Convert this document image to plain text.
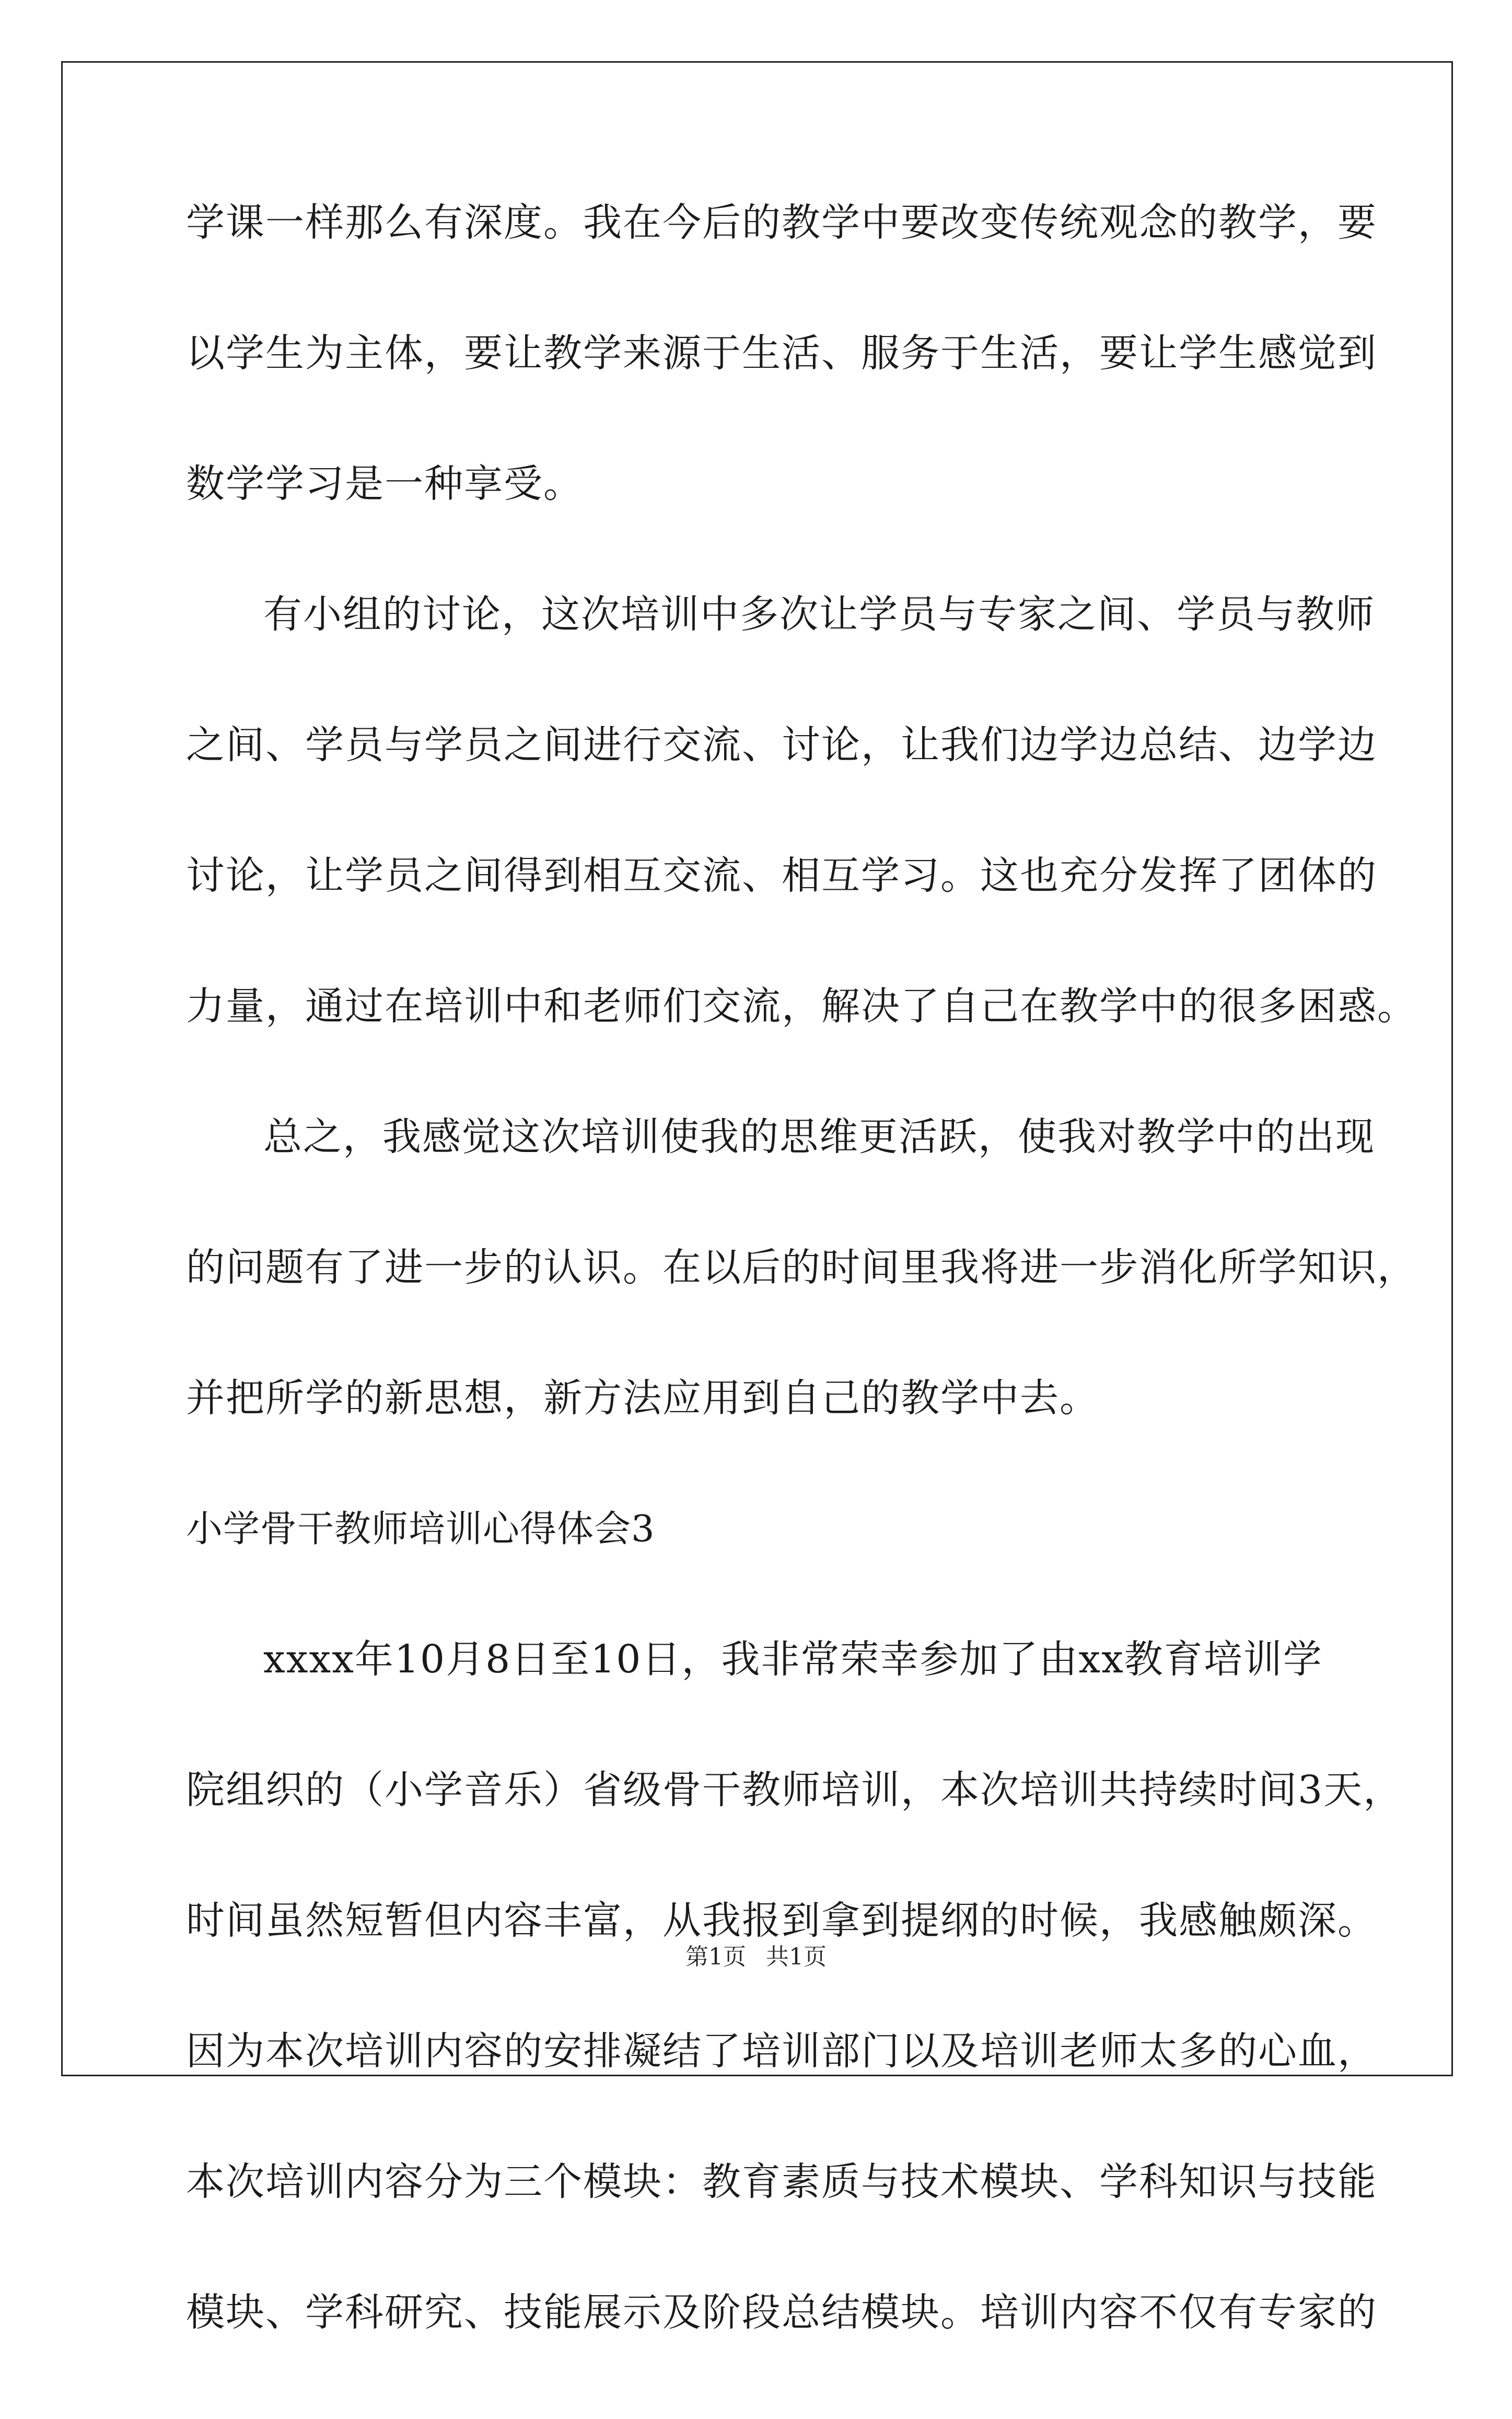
学课一样那么有深度。我在今后的教学中要改变传统观念的教学，要
以学生为主体，要让教学来源于生活、服务于生活，要让学生感觉到
数学学习是一种享受。
有小组的讨论，这次培训中多次让学员与专家之间、学员与教师
之间、学员与学员之间进行交流、讨论，让我们边学边总结、边学边
讨论，让学员之间得到相互交流、相互学习。这也充分发挥了团体的
力量，通过在培训中和老师们交流，解决了自己在教学中的很多困惑。
总之，我感觉这次培训使我的思维更活跃，使我对教学中的出现
的问题有了进一步的认识。在以后的时间里我将进一步消化所学知识，
并把所学的新思想，新方法应用到自己的教学中去。
小学骨干教师培训心得体会3
xxxx年10月8日至10日，我非常荣幸参加了由xx教育培训学
院组织的（小学音乐）省级骨干教师培训，本次培训共持续时间3天，
时间虽然短暂但内容丰富，从我报到拿到提纲的时候，我感触颇深。
因为本次培训内容的安排凝结了培训部门以及培训老师太多的心血，
本次培训内容分为三个模块：教育素质与技术模块、学科知识与技能
模块、学科研究、技能展示及阶段总结模块。培训内容不仅有专家的
第1页 共1页
